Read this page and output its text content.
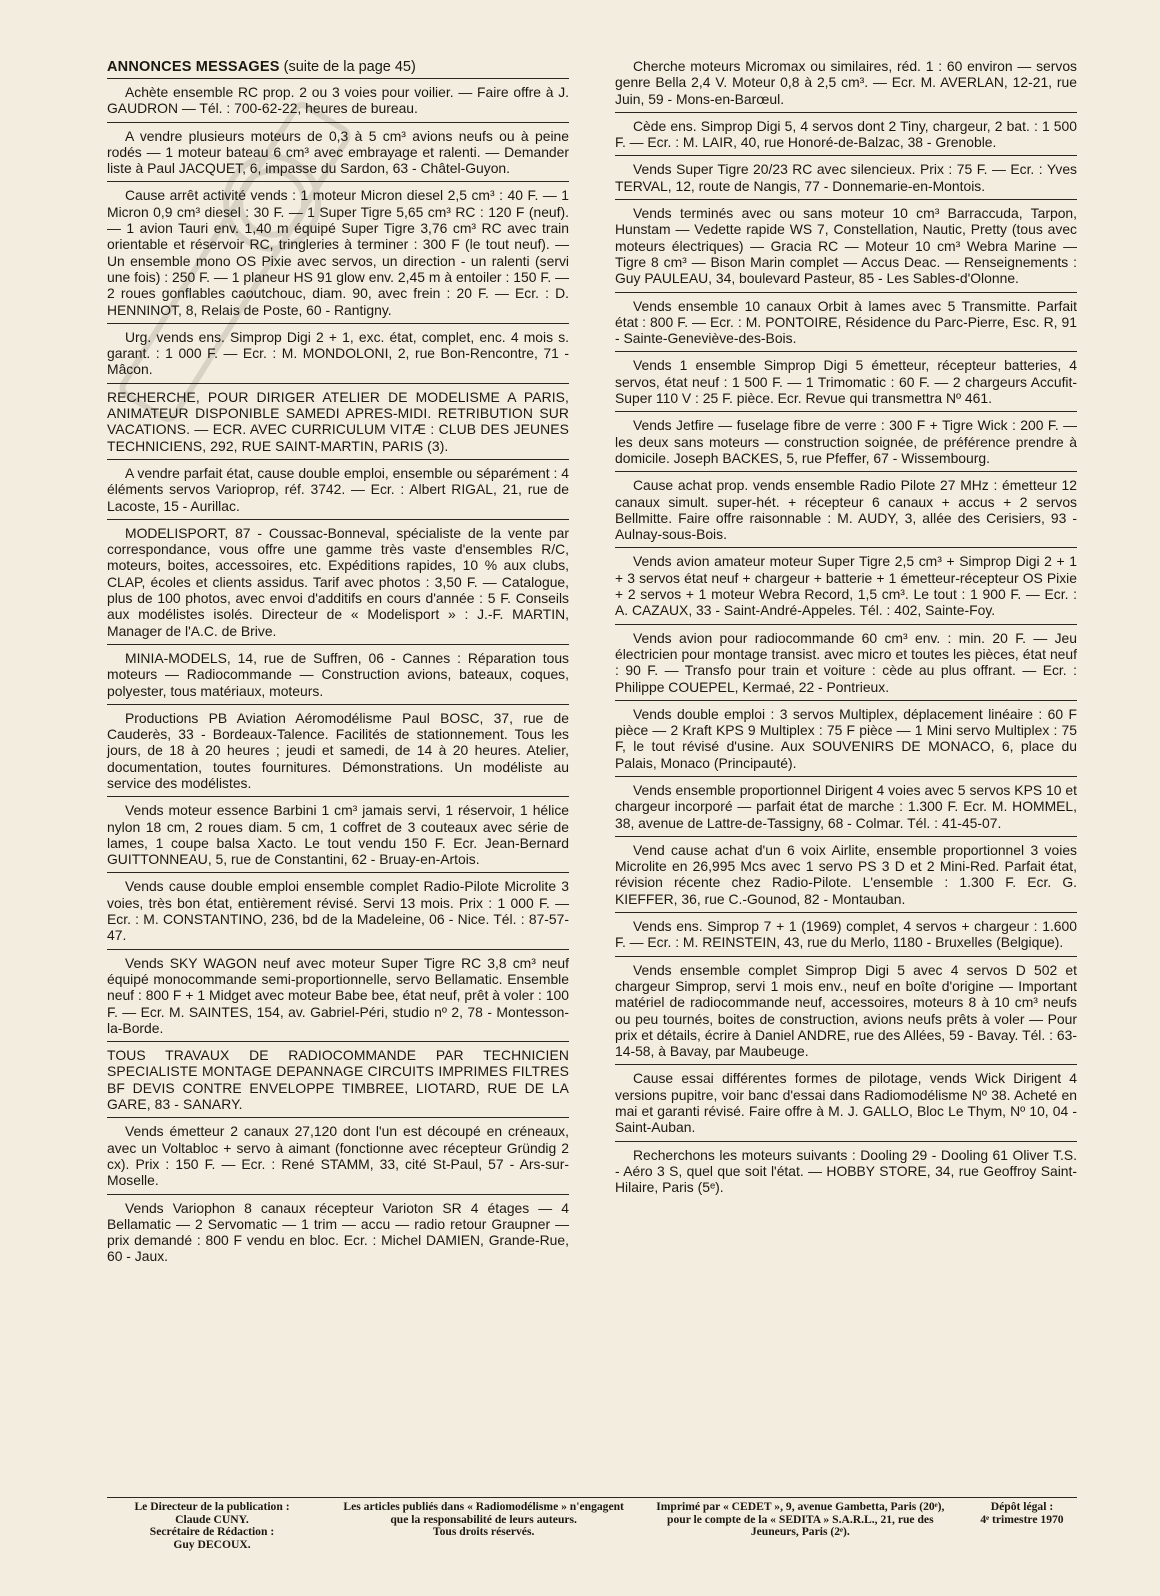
ANNONCES MESSAGES (suite de la page 45)

Achète ensemble RC prop. 2 ou 3 voies pour voilier. — Faire offre à J. GAUDRON — Tél. : 700-62-22, heures de bureau.

A vendre plusieurs moteurs de 0,3 à 5 cm³ avions neufs ou à peine rodés — 1 moteur bateau 6 cm³ avec embrayage et ralenti. — Demander liste à Paul JACQUET, 6, impasse du Sardon, 63 - Châtel-Guyon.

Cause arrêt activité vends : 1 moteur Micron diesel 2,5 cm³ : 40 F. — 1 Micron 0,9 cm³ diesel : 30 F. — 1 Super Tigre 5,65 cm³ RC : 120 F (neuf). — 1 avion Tauri env. 1,40 m équipé Super Tigre 3,76 cm³ RC avec train orientable et réservoir RC, tringleries à terminer : 300 F (le tout neuf). — Un ensemble mono OS Pixie avec servos, un direction - un ralenti (servi une fois) : 250 F. — 1 planeur HS 91 glow env. 2,45 m à entoiler : 150 F. — 2 roues gonflables caoutchouc, diam. 90, avec frein : 20 F. — Ecr. : D. HENNINOT, 8, Relais de Poste, 60 - Rantigny.

Urg. vends ens. Simprop Digi 2 + 1, exc. état, complet, enc. 4 mois s. garant. : 1 000 F. — Ecr. : M. MONDOLONI, 2, rue Bon-Rencontre, 71 - Mâcon.

RECHERCHE, POUR DIRIGER ATELIER DE MODELISME A PARIS, ANIMATEUR DISPONIBLE SAMEDI APRES-MIDI. RETRIBUTION SUR VACATIONS. — ECR. AVEC CURRICULUM VITÆ : CLUB DES JEUNES TECHNICIENS, 292, RUE SAINT-MARTIN, PARIS (3).

A vendre parfait état, cause double emploi, ensemble ou séparément : 4 éléments servos Varioprop, réf. 3742. — Ecr. : Albert RIGAL, 21, rue de Lacoste, 15 - Aurillac.

MODELISPORT, 87 - Coussac-Bonneval, spécialiste de la vente par correspondance, vous offre une gamme très vaste d'ensembles R/C, moteurs, boites, accessoires, etc. Expéditions rapides, 10 % aux clubs, CLAP, écoles et clients assidus. Tarif avec photos : 3,50 F. — Catalogue, plus de 100 photos, avec envoi d'additifs en cours d'année : 5 F. Conseils aux modélistes isolés. Directeur de « Modelisport » : J.-F. MARTIN, Manager de l'A.C. de Brive.

MINIA-MODELS, 14, rue de Suffren, 06 - Cannes : Réparation tous moteurs — Radiocommande — Construction avions, bateaux, coques, polyester, tous matériaux, moteurs.

Productions PB Aviation Aéromodélisme Paul BOSC, 37, rue de Cauderès, 33 - Bordeaux-Talence. Facilités de stationnement. Tous les jours, de 18 à 20 heures ; jeudi et samedi, de 14 à 20 heures. Atelier, documentation, toutes fournitures. Démonstrations. Un modéliste au service des modélistes.

Vends moteur essence Barbini 1 cm³ jamais servi, 1 réservoir, 1 hélice nylon 18 cm, 2 roues diam. 5 cm, 1 coffret de 3 couteaux avec série de lames, 1 coupe balsa Xacto. Le tout vendu 150 F. Ecr. Jean-Bernard GUITTONNEAU, 5, rue de Constantini, 62 - Bruay-en-Artois.

Vends cause double emploi ensemble complet Radio-Pilote Microlite 3 voies, très bon état, entièrement révisé. Servi 13 mois. Prix : 1 000 F. — Ecr. : M. CONSTANTINO, 236, bd de la Madeleine, 06 - Nice. Tél. : 87-57-47.

Vends SKY WAGON neuf avec moteur Super Tigre RC 3,8 cm³ neuf équipé monocommande semi-proportionnelle, servo Bellamatic. Ensemble neuf : 800 F + 1 Midget avec moteur Babe bee, état neuf, prêt à voler : 100 F. — Ecr. M. SAINTES, 154, av. Gabriel-Péri, studio nº 2, 78 - Montesson-la-Borde.

TOUS TRAVAUX DE RADIOCOMMANDE PAR TECHNICIEN SPECIALISTE MONTAGE DEPANNAGE CIRCUITS IMPRIMES FILTRES BF DEVIS CONTRE ENVELOPPE TIMBREE, LIOTARD, RUE DE LA GARE, 83 - SANARY.

Vends émetteur 2 canaux 27,120 dont l'un est découpé en créneaux, avec un Voltabloc + servo à aimant (fonctionne avec récepteur Gründig 2 cx). Prix : 150 F. — Ecr. : René STAMM, 33, cité St-Paul, 57 - Ars-sur-Moselle.

Vends Variophon 8 canaux récepteur Varioton SR 4 étages — 4 Bellamatic — 2 Servomatic — 1 trim — accu — radio retour Graupner — prix demandé : 800 F vendu en bloc. Ecr. : Michel DAMIEN, Grande-Rue, 60 - Jaux.

Cherche moteurs Micromax ou similaires, réd. 1 : 60 environ — servos genre Bella 2,4 V. Moteur 0,8 à 2,5 cm³. — Ecr. M. AVERLAN, 12-21, rue Juin, 59 - Mons-en-Barœul.

Cède ens. Simprop Digi 5, 4 servos dont 2 Tiny, chargeur, 2 bat. : 1 500 F. — Ecr. : M. LAIR, 40, rue Honoré-de-Balzac, 38 - Grenoble.

Vends Super Tigre 20/23 RC avec silencieux. Prix : 75 F. — Ecr. : Yves TERVAL, 12, route de Nangis, 77 - Donnemarie-en-Montois.

Vends terminés avec ou sans moteur 10 cm³ Barraccuda, Tarpon, Hunstam — Vedette rapide WS 7, Constellation, Nautic, Pretty (tous avec moteurs électriques) — Gracia RC — Moteur 10 cm³ Webra Marine — Tigre 8 cm³ — Bison Marin complet — Accus Deac. — Renseignements : Guy PAULEAU, 34, boulevard Pasteur, 85 - Les Sables-d'Olonne.

Vends ensemble 10 canaux Orbit à lames avec 5 Transmitte. Parfait état : 800 F. — Ecr. : M. PONTOIRE, Résidence du Parc-Pierre, Esc. R, 91 - Sainte-Geneviève-des-Bois.

Vends 1 ensemble Simprop Digi 5 émetteur, récepteur batteries, 4 servos, état neuf : 1 500 F. — 1 Trimomatic : 60 F. — 2 chargeurs Accufit-Super 110 V : 25 F. pièce. Ecr. Revue qui transmettra Nº 461.

Vends Jetfire — fuselage fibre de verre : 300 F + Tigre Wick : 200 F. — les deux sans moteurs — construction soignée, de préférence prendre à domicile. Joseph BACKES, 5, rue Pfeffer, 67 - Wissembourg.

Cause achat prop. vends ensemble Radio Pilote 27 MHz : émetteur 12 canaux simult. super-hét. + récepteur 6 canaux + accus + 2 servos Bellmitte. Faire offre raisonnable : M. AUDY, 3, allée des Cerisiers, 93 - Aulnay-sous-Bois.

Vends avion amateur moteur Super Tigre 2,5 cm³ + Simprop Digi 2 + 1 + 3 servos état neuf + chargeur + batterie + 1 émetteur-récepteur OS Pixie + 2 servos + 1 moteur Webra Record, 1,5 cm³. Le tout : 1 900 F. — Ecr. : A. CAZAUX, 33 - Saint-André-Appeles. Tél. : 402, Sainte-Foy.

Vends avion pour radiocommande 60 cm³ env. : min. 20 F. — Jeu électricien pour montage transist. avec micro et toutes les pièces, état neuf : 90 F. — Transfo pour train et voiture : cède au plus offrant. — Ecr. : Philippe COUEPEL, Kermaé, 22 - Pontrieux.

Vends double emploi : 3 servos Multiplex, déplacement linéaire : 60 F pièce — 2 Kraft KPS 9 Multiplex : 75 F pièce — 1 Mini servo Multiplex : 75 F, le tout révisé d'usine. Aux SOUVENIRS DE MONACO, 6, place du Palais, Monaco (Principauté).

Vends ensemble proportionnel Dirigent 4 voies avec 5 servos KPS 10 et chargeur incorporé — parfait état de marche : 1.300 F. Ecr. M. HOMMEL, 38, avenue de Lattre-de-Tassigny, 68 - Colmar. Tél. : 41-45-07.

Vend cause achat d'un 6 voix Airlite, ensemble proportionnel 3 voies Microlite en 26,995 Mcs avec 1 servo PS 3 D et 2 Mini-Red. Parfait état, révision récente chez Radio-Pilote. L'ensemble : 1.300 F. Ecr. G. KIEFFER, 36, rue C.-Gounod, 82 - Montauban.

Vends ens. Simprop 7 + 1 (1969) complet, 4 servos + chargeur : 1.600 F. — Ecr. : M. REINSTEIN, 43, rue du Merlo, 1180 - Bruxelles (Belgique).

Vends ensemble complet Simprop Digi 5 avec 4 servos D 502 et chargeur Simprop, servi 1 mois env., neuf en boîte d'origine — Important matériel de radiocommande neuf, accessoires, moteurs 8 à 10 cm³ neufs ou peu tournés, boites de construction, avions neufs prêts à voler — Pour prix et détails, écrire à Daniel ANDRE, rue des Allées, 59 - Bavay. Tél. : 63-14-58, à Bavay, par Maubeuge.

Cause essai différentes formes de pilotage, vends Wick Dirigent 4 versions pupitre, voir banc d'essai dans Radiomodélisme Nº 38. Acheté en mai et garanti révisé. Faire offre à M. J. GALLO, Bloc Le Thym, Nº 10, 04 - Saint-Auban.

Recherchons les moteurs suivants : Dooling 29 - Dooling 61 Oliver T.S. - Aéro 3 S, quel que soit l'état. — HOBBY STORE, 34, rue Geoffroy Saint-Hilaire, Paris (5ᵉ).

Le Directeur de la publication :
Claude CUNY.
Secrétaire de Rédaction :
Guy DECOUX.
Les articles publiés dans « Radiomodélisme » n'engagent que la responsabilité de leurs auteurs.
Tous droits réservés.
Imprimé par « CEDET », 9, avenue Gambetta, Paris (20ᵉ), pour le compte de la « SEDITA » S.A.R.L., 21, rue des Jeuneurs, Paris (2ᵉ).
Dépôt légal :
4ᵉ trimestre 1970
